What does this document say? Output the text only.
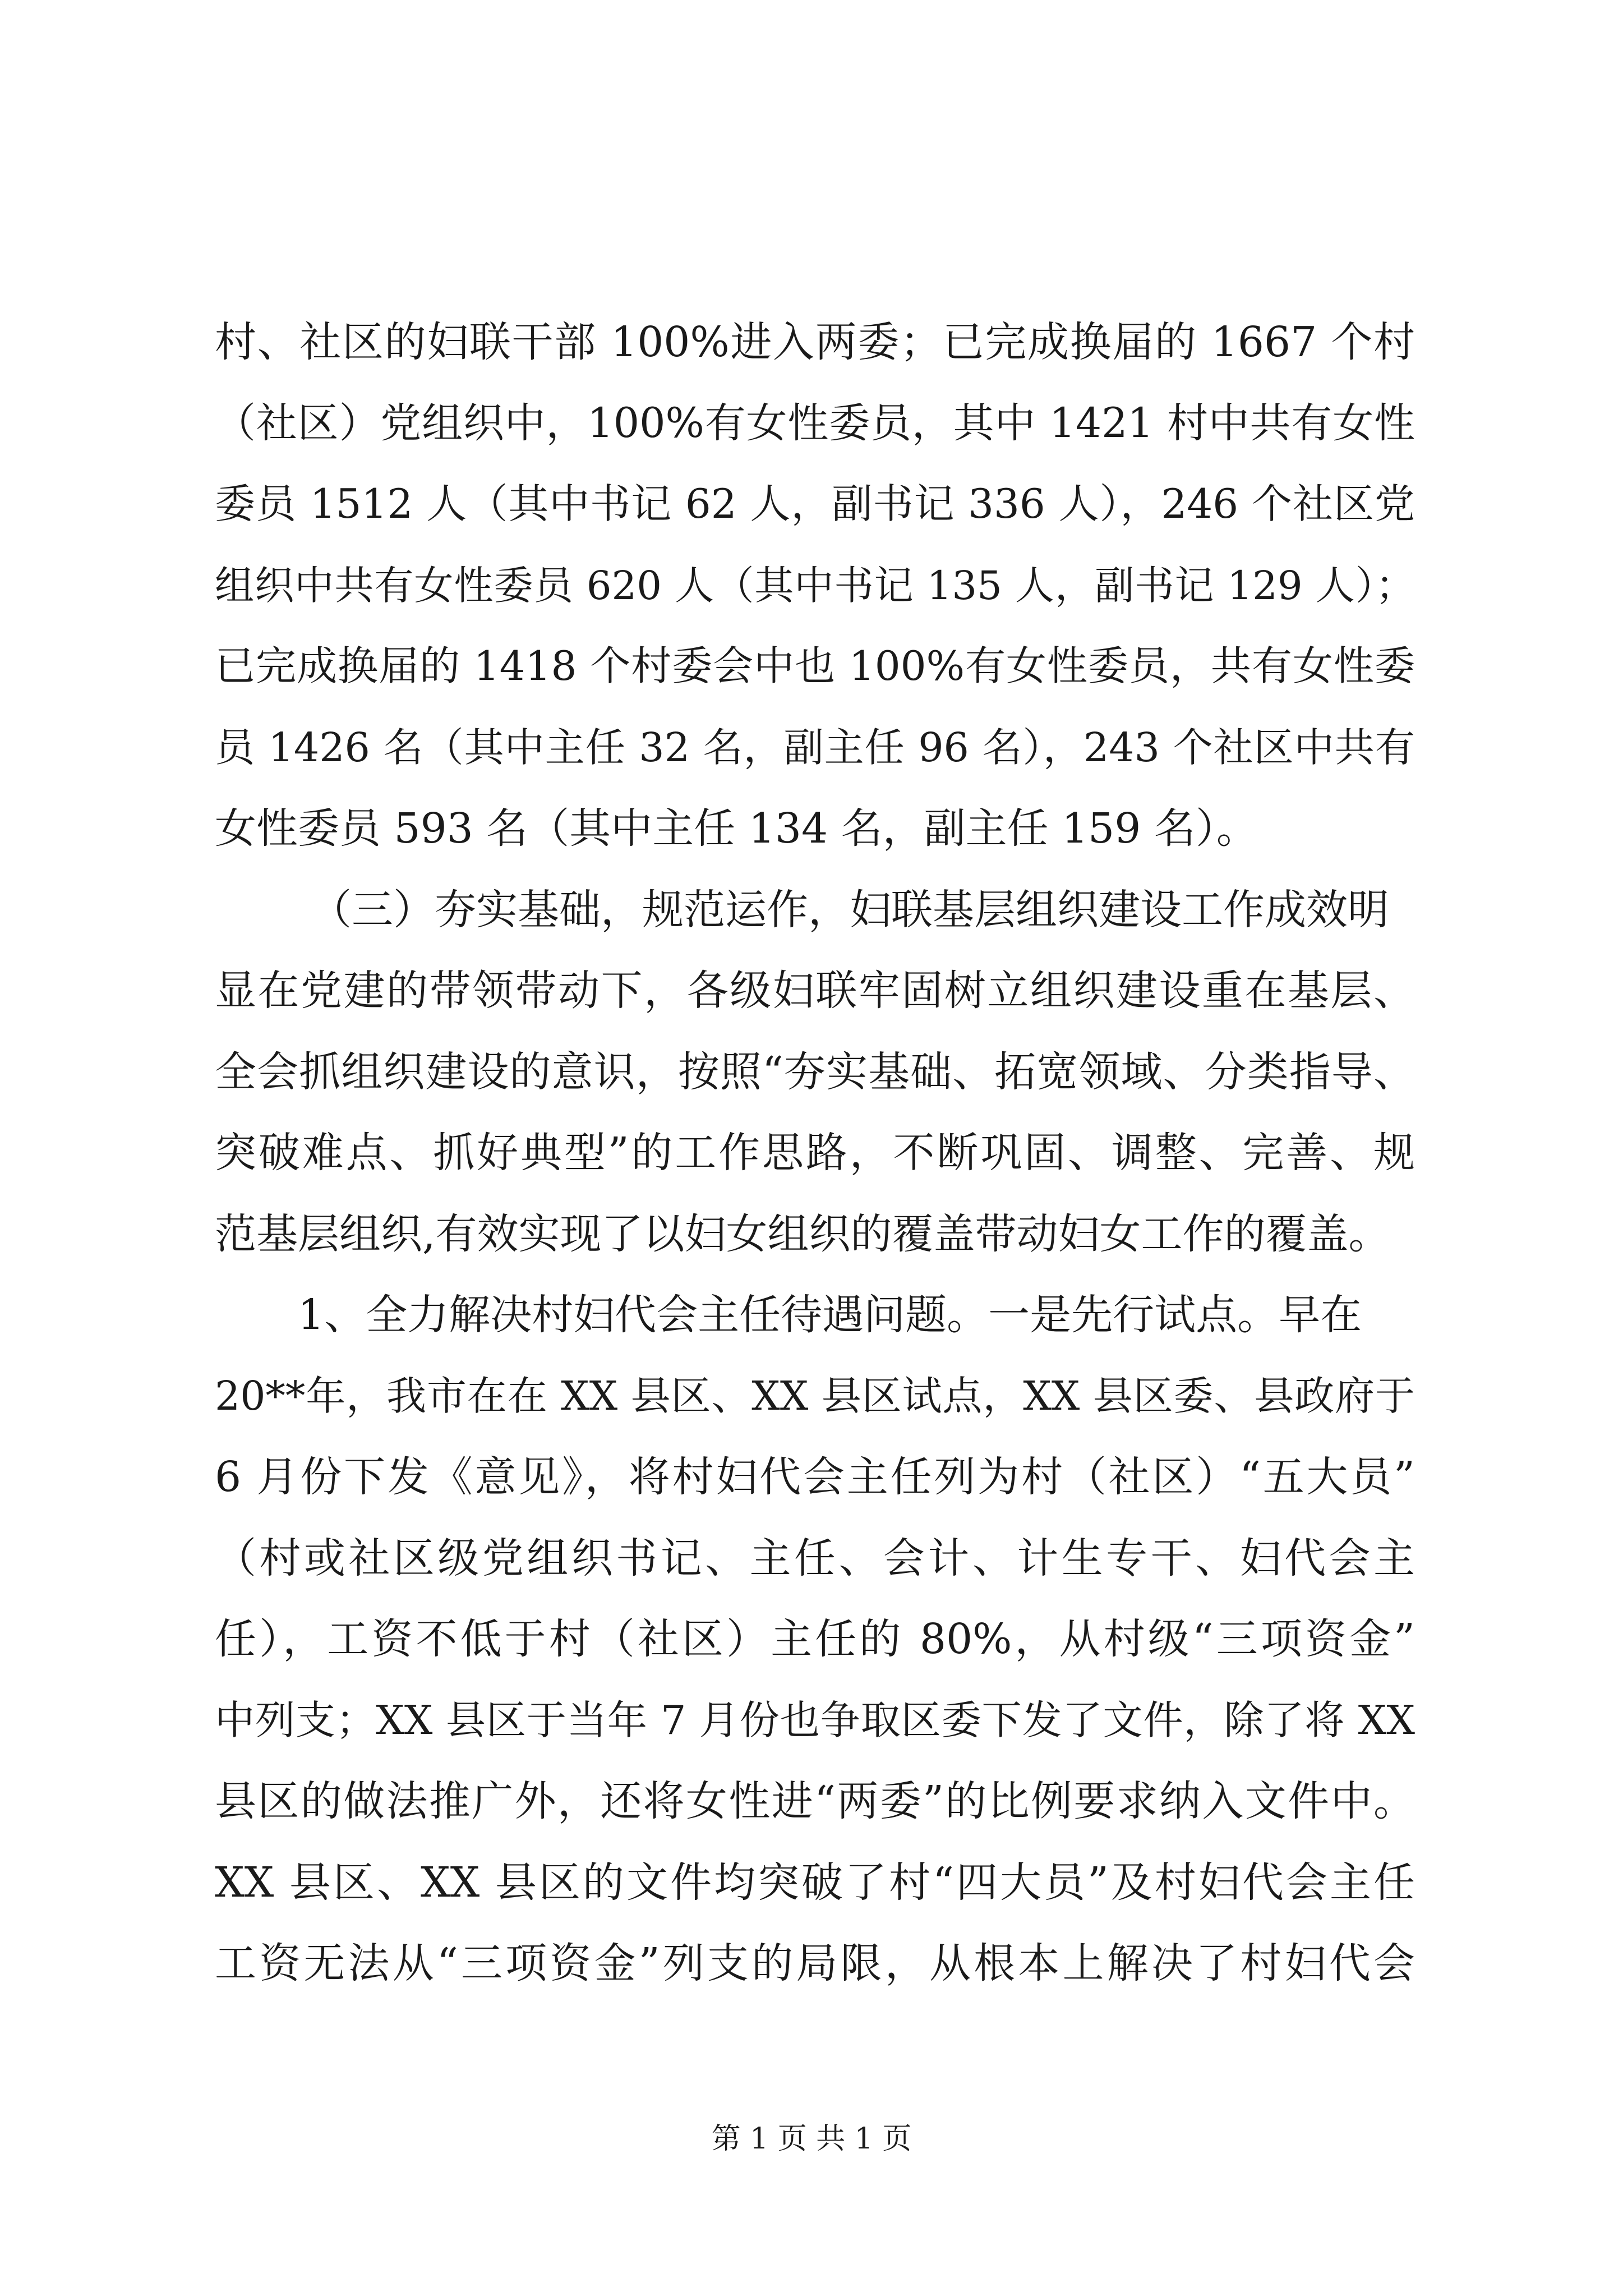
村、社区的妇联干部 100%进入两委；已完成换届的 1667 个村
（社区）党组织中，100%有女性委员，其中 1421 村中共有女性
委员 1512 人（其中书记 62 人，副书记 336 人），246 个社区党
组织中共有女性委员 620 人（其中书记 135 人，副书记 129 人）；
已完成换届的 1418 个村委会中也 100%有女性委员，共有女性委
员 1426 名（其中主任 32 名，副主任 96 名），243 个社区中共有
女性委员 593 名（其中主任 134 名，副主任 159 名）。
（三）夯实基础，规范运作，妇联基层组织建设工作成效明
显在党建的带领带动下，各级妇联牢固树立组织建设重在基层、
全会抓组织建设的意识，按照“夯实基础、拓宽领域、分类指导、
突破难点、抓好典型”的工作思路，不断巩固、调整、完善、规
范基层组织,有效实现了以妇女组织的覆盖带动妇女工作的覆盖。
1、全力解决村妇代会主任待遇问题。一是先行试点。早在
20**年，我市在在 XX 县区、XX 县区试点，XX 县区委、县政府于
6 月份下发《意见》，将村妇代会主任列为村（社区）“五大员”
（村或社区级党组织书记、主任、会计、计生专干、妇代会主
任），工资不低于村（社区）主任的 80%，从村级“三项资金”
中列支；XX 县区于当年 7 月份也争取区委下发了文件，除了将 XX
县区的做法推广外，还将女性进“两委”的比例要求纳入文件中。
XX 县区、XX 县区的文件均突破了村“四大员”及村妇代会主任
工资无法从“三项资金”列支的局限，从根本上解决了村妇代会
第 1 页 共 1 页
